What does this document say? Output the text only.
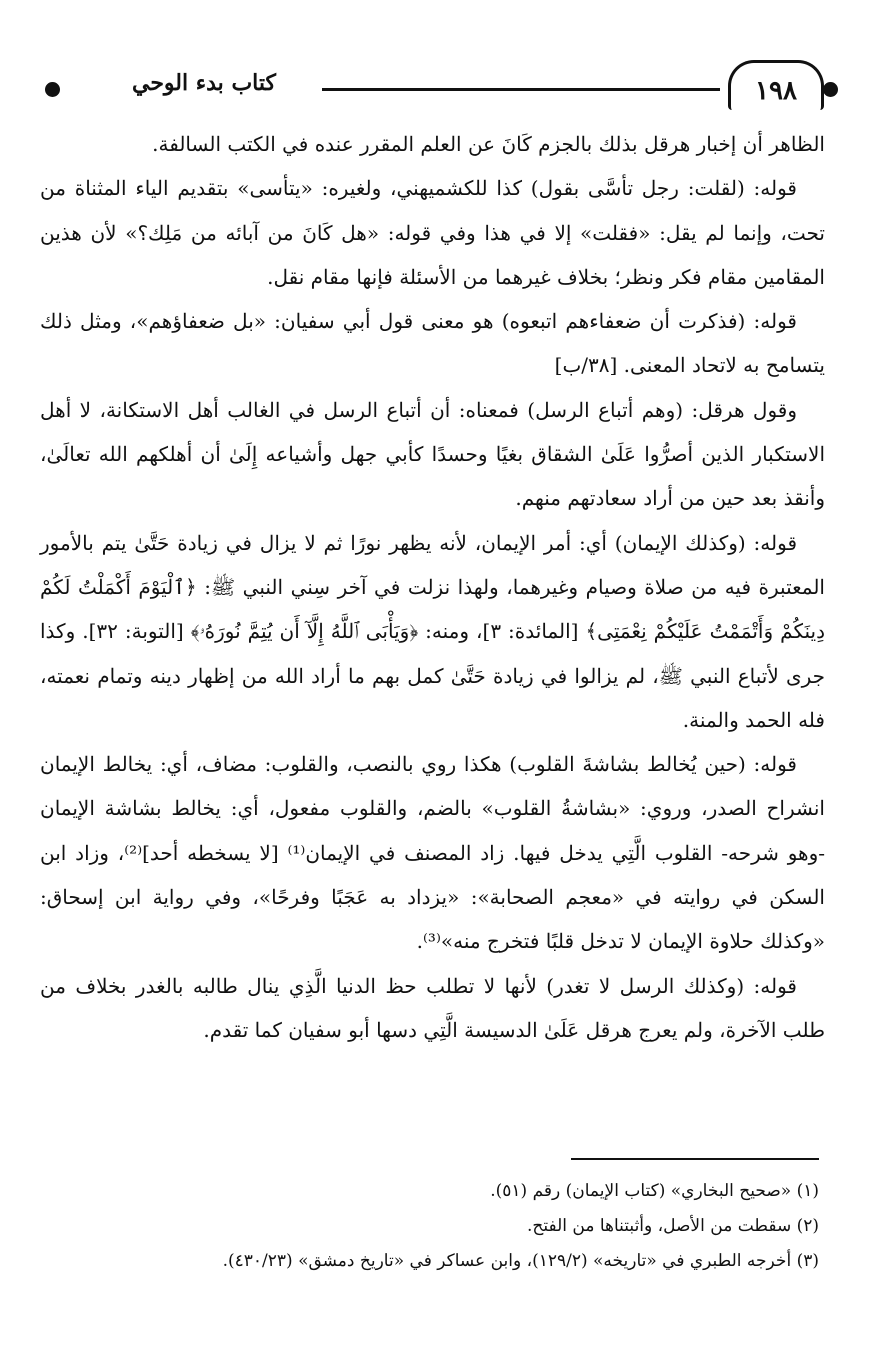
كتاب بدء الوحي	١٩٨

الظاهر أن إخبار هرقل بذلك بالجزم كَانَ عن العلم المقرر عنده في الكتب السالفة.

قوله: (لقلت: رجل تأسَّى بقول) كذا للكشميهني، ولغيره: «يتأسى» بتقديم الياء المثناة من تحت، وإنما لم يقل: «فقلت» إلا في هذا وفي قوله: «هل كَانَ من آبائه من مَلِك؟» لأن هذين المقامين مقام فكر ونظر؛ بخلاف غيرهما من الأسئلة فإنها مقام نقل.

قوله: (فذكرت أن ضعفاءهم اتبعوه) هو معنى قول أبي سفيان: «بل ضعفاؤهم»، ومثل ذلك يتسامح به لاتحاد المعنى. [٣٨/ب]

وقول هرقل: (وهم أتباع الرسل) فمعناه: أن أتباع الرسل في الغالب أهل الاستكانة، لا أهل الاستكبار الذين أصرُّوا عَلَىٰ الشقاق بغيًا وحسدًا كأبي جهل وأشياعه إِلَىٰ أن أهلكهم الله تعالَىٰ، وأنقذ بعد حين من أراد سعادتهم منهم.

قوله: (وكذلك الإيمان) أي: أمر الإيمان، لأنه يظهر نورًا ثم لا يزال في زيادة حَتَّىٰ يتم بالأمور المعتبرة فيه من صلاة وصيام وغيرهما، ولهذا نزلت في آخر سِني النبي ﷺ: ﴿ٱلْيَوْمَ أَكْمَلْتُ لَكُمْ دِينَكُمْ وَأَتْمَمْتُ عَلَيْكُمْ نِعْمَتِى﴾ [المائدة: ٣]، ومنه: ﴿وَيَأْبَى ٱللَّهُ إِلَّآ أَن يُتِمَّ نُورَهُۥ﴾ [التوبة: ٣٢]. وكذا جرى لأتباع النبي ﷺ، لم يزالوا في زيادة حَتَّىٰ كمل بهم ما أراد الله من إظهار دينه وتمام نعمته، فله الحمد والمنة.

قوله: (حين يُخالط بشاشةَ القلوب) هكذا روي بالنصب، والقلوب: مضاف، أي: يخالط الإيمان انشراح الصدر، وروي: «بشاشةُ القلوب» بالضم، والقلوب مفعول، أي: يخالط بشاشة الإيمان -وهو شرحه- القلوب الَّتِي يدخل فيها. زاد المصنف في الإيمان⁽¹⁾ [لا يسخطه أحد]⁽²⁾، وزاد ابن السكن في روايته في «معجم الصحابة»: «يزداد به عَجَبًا وفرحًا»، وفي رواية ابن إسحاق: «وكذلك حلاوة الإيمان لا تدخل قلبًا فتخرج منه»⁽³⁾.

قوله: (وكذلك الرسل لا تغدر) لأنها لا تطلب حظ الدنيا الَّذِي ينال طالبه بالغدر بخلاف من طلب الآخرة، ولم يعرج هرقل عَلَىٰ الدسيسة الَّتِي دسها أبو سفيان كما تقدم.

(١) «صحيح البخاري» (كتاب الإيمان) رقم (٥١).

(٢) سقطت من الأصل، وأثبتناها من الفتح.

(٣) أخرجه الطبري في «تاريخه» (١٢٩/٢)، وابن عساكر في «تاريخ دمشق» (٤٣٠/٢٣).
